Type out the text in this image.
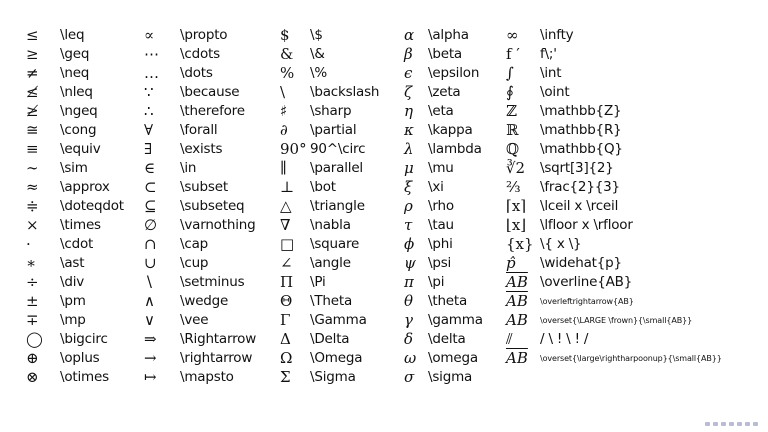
≤
≥
≠
≰
≱
≅
≡
∼
≈
≑
×
·
∗
÷
±
∓
◯
⊕
⊗
\leq
\geq
\neq
\nleq
\ngeq
\cong
\equiv
\sim
\approx
\doteqdot
\times
\cdot
\ast
\div
\pm
\mp
\bigcirc
\oplus
\otimes
∝
⋯
…
∵
∴
∀
∃
∈
⊂
⊆
∅
∩
∪
∖
∧
∨
⇒
→
↦
\propto
\cdots
\dots
\because
\therefore
\forall
\exists
\in
\subset
\subseteq
\varnothing
\cap
\cup
\setminus
\wedge
\vee
\Rightarrow
\rightarrow
\mapsto
$
&
%
\
♯
∂
90°
∥
⊥
△
∇
□
∠
Π
Θ
Γ
Δ
Ω
Σ
\$
\&
\%
\backslash
\sharp
\partial
90^\circ
\parallel
\bot
\triangle
\nabla
\square
\angle
\Pi
\Theta
\Gamma
\Delta
\Omega
\Sigma
α
β
ϵ
ζ
η
κ
λ
μ
ξ
ρ
τ
ϕ
ψ
π
θ
γ
δ
ω
σ
\alpha
\beta
\epsilon
\zeta
\eta
\kappa
\lambda
\mu
\xi
\rho
\tau
\phi
\psi
\pi
\theta
\gamma
\delta
\omega
\sigma
∞
f ′
∫
∮
ℤ
ℝ
ℚ
∛2
⅔
⌈x⌉
⌊x⌋
{x}
p̂
$\overline{AB}$
$\overline{AB}$
AB
⫽
$\overline{AB}$
\infty
f\;'
\int
\oint
\mathbb{Z}
\mathbb{R}
\mathbb{Q}
\sqrt[3]{2}
\frac{2}{3}
\lceil x \rceil
\lfloor x \rfloor
\{ x \}
\widehat{p}
\overline{AB}
\overleftrightarrow{AB}
\overset{\LARGE \frown}{\small{AB}}
/ \ ! \ ! /
\overset{\large\rightharpoonup}{\small{AB}}
